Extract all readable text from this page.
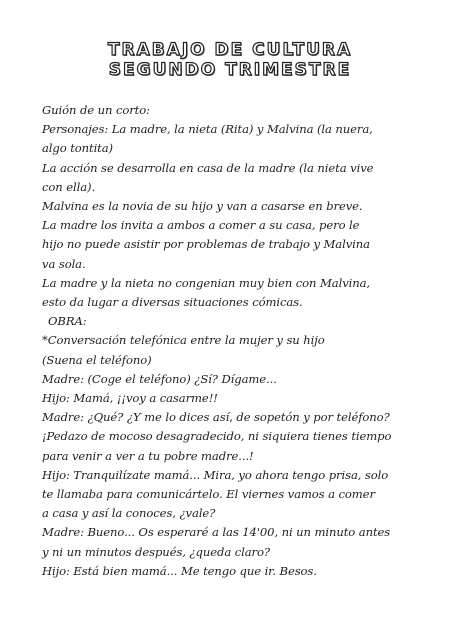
TRABAJO DE CULTURA
SEGUNDO TRIMESTRE
Guión de un corto:
Personajes: La madre, la nieta (Rita) y Malvina (la nuera,
algo tontita)
La acción se desarrolla en casa de la madre (la nieta vive
con ella).
Malvina es la novia de su hijo y van a casarse en breve.
La madre los invita a ambos a comer a su casa, pero le
hijo no puede asistir por problemas de trabajo y Malvina
va sola.
La madre y la nieta no congenian muy bien con Malvina,
esto da lugar a diversas situaciones cómicas.
OBRA:
*Conversación telefónica entre la mujer y su hijo
(Suena el teléfono)
Madre: (Coge el teléfono) ¿Sí? Dígame...
Hijo: Mamá, ¡¡voy a casarme!!
Madre: ¿Qué? ¿Y me lo dices así, de sopetón y por teléfono?
¡Pedazo de mocoso desagradecido, ni siquiera tienes tiempo
para venir a ver a tu pobre madre...!
Hijo: Tranquilízate mamá... Mira, yo ahora tengo prisa, solo
te llamaba para comunicártelo. El viernes vamos a comer
a casa y así la conoces, ¿vale?
Madre: Bueno... Os esperaré a las 14'00, ni un minuto antes
y ni un minutos después, ¿queda claro?
Hijo: Está bien mamá... Me tengo que ir. Besos.
